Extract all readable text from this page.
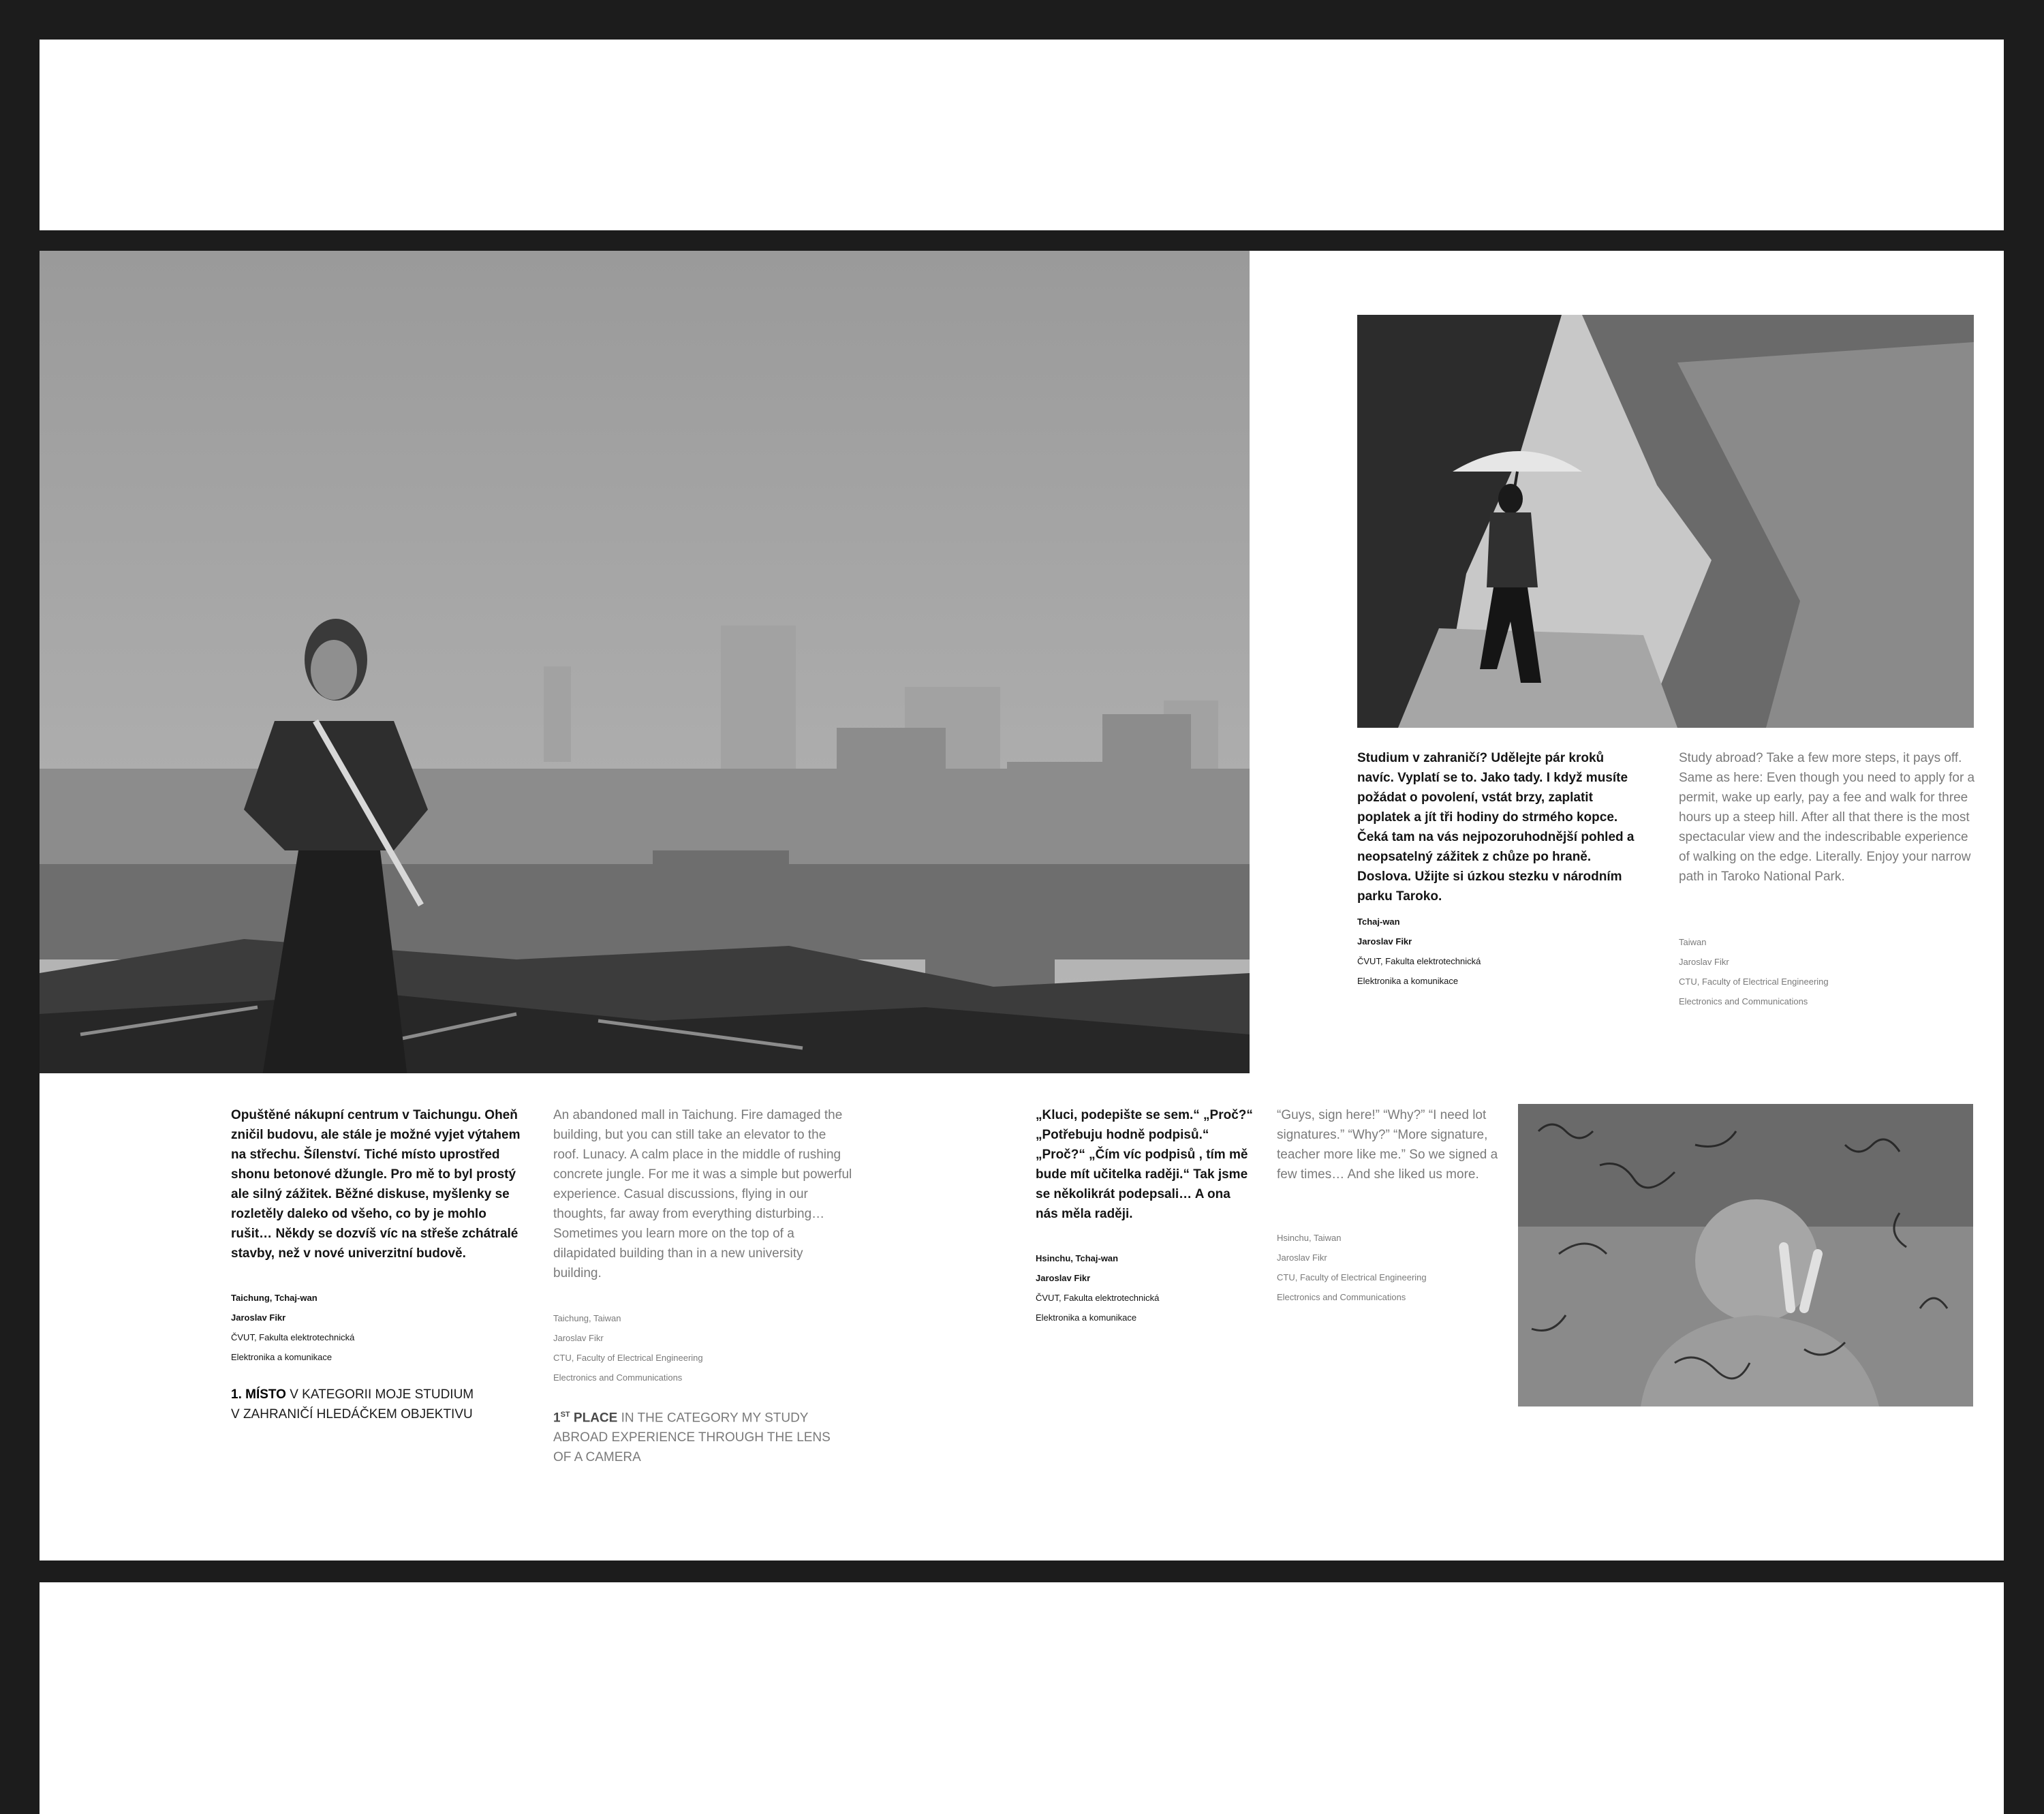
Studium v zahraničí? Udělejte pár kroků navíc. Vyplatí se to. Jako tady. I když musíte požádat o povolení, vstát brzy, zaplatit poplatek a jít tři hodiny do strmého kopce. Čeká tam na vás nejpozoruhodnější pohled a neopsatelný zážitek z chůze po hraně. Doslova. Užijte si úzkou stezku v národním parku Taroko.

Tchaj-wan
Jaroslav Fikr
ČVUT, Fakulta elektrotechnická
Elektronika a komunikace

Study abroad? Take a few more steps, it pays off. Same as here: Even though you need to apply for a permit, wake up early, pay a fee and walk for three hours up a steep hill. After all that there is the most spectacular view and the indescribable experience of walking on the edge. Literally. Enjoy your narrow path in Taroko National Park.

Taiwan
Jaroslav Fikr
CTU, Faculty of Electrical Engineering
Electronics and Communications

Opuštěné nákupní centrum v Taichungu. Oheň zničil budovu, ale stále je možné vyjet výtahem na střechu. Šílenství. Tiché místo uprostřed shonu betonové džungle. Pro mě to byl prostý ale silný zážitek. Běžné diskuse, myšlenky se rozletěly daleko od všeho, co by je mohlo rušit… Někdy se dozvíš víc na střeše zchátralé stavby, než v nové univerzitní budově.

Taichung, Tchaj-wan
Jaroslav Fikr
ČVUT, Fakulta elektrotechnická
Elektronika a komunikace
1. MÍSTO V KATEGORII MOJE STUDIUM
V ZAHRANIČÍ HLEDÁČKEM OBJEKTIVU

An abandoned mall in Taichung. Fire damaged the building, but you can still take an elevator to the roof. Lunacy. A calm place in the middle of rushing concrete jungle. For me it was a simple but powerful experience. Casual discussions, flying in our thoughts, far away from everything disturbing… Sometimes you learn more on the top of a dilapidated building than in a new university building.

Taichung, Taiwan
Jaroslav Fikr
CTU, Faculty of Electrical Engineering
Electronics and Communications
1ST PLACE IN THE CATEGORY MY STUDY
ABROAD EXPERIENCE THROUGH THE LENS
OF A CAMERA

„Kluci, podepište se sem.“ „Proč?“ „Potřebuju hodně podpisů.“ „Proč?“ „Čím víc podpisů , tím mě bude mít učitelka raději.“ Tak jsme se několikrát podepsali… A ona nás měla raději.

Hsinchu, Tchaj-wan
Jaroslav Fikr
ČVUT, Fakulta elektrotechnická
Elektronika a komunikace

“Guys, sign here!” “Why?” “I need lot signatures.” “Why?” “More signature, teacher more like me.” So we signed a few times… And she liked us more.

Hsinchu, Taiwan
Jaroslav Fikr
CTU, Faculty of Electrical Engineering
Electronics and Communications
